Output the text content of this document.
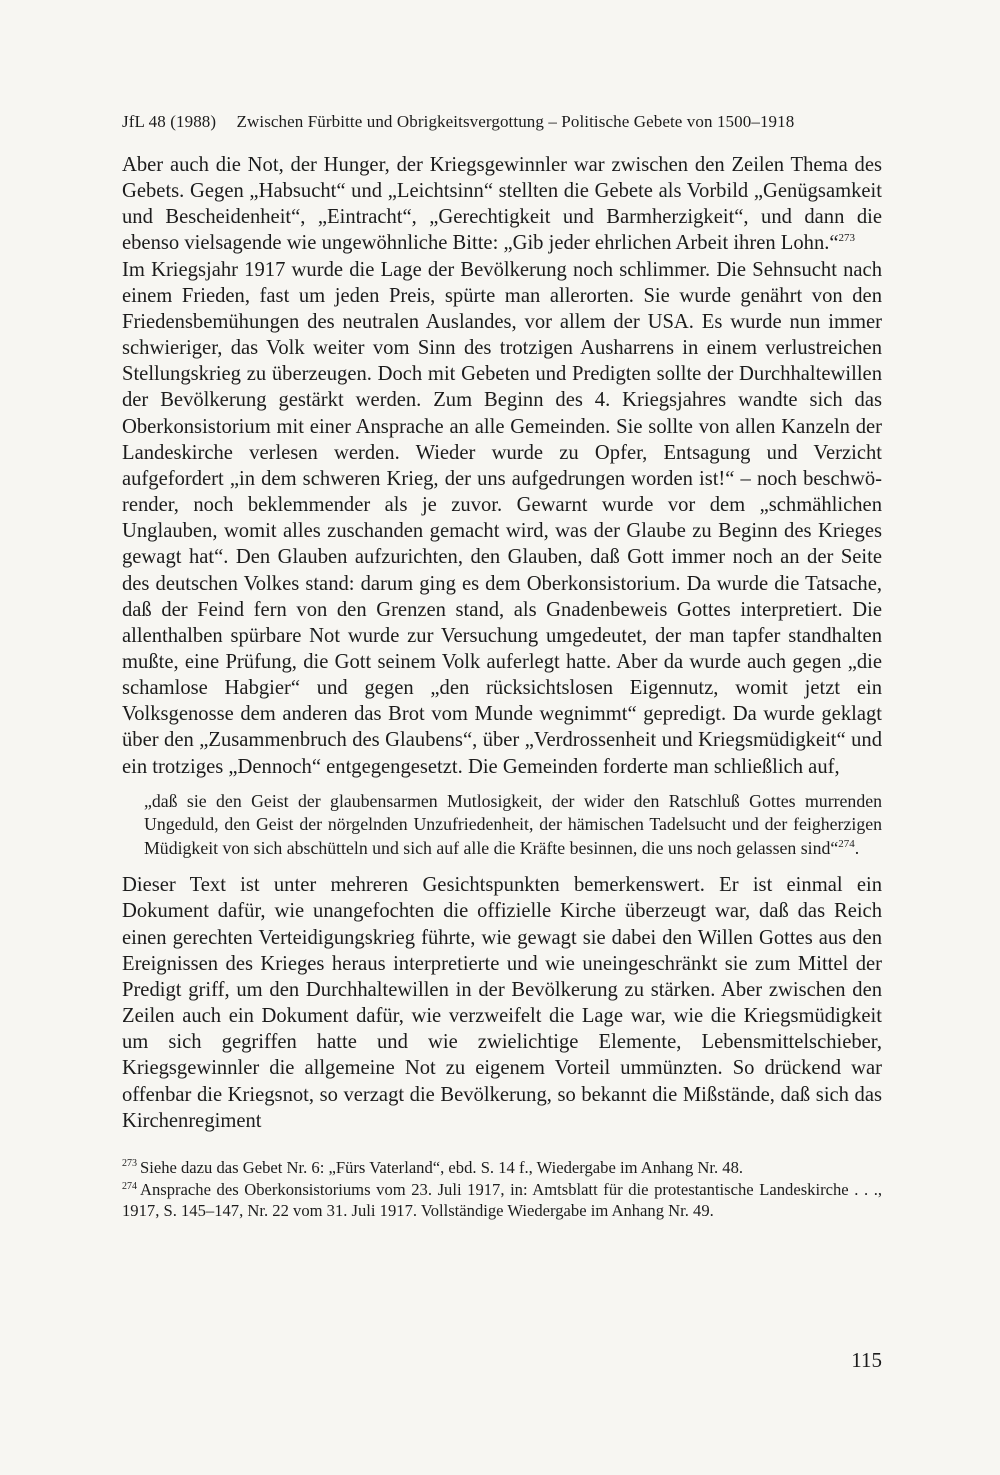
JfL 48 (1988) Zwischen Fürbitte und Obrigkeitsvergottung – Politische Gebete von 1500–1918

Aber auch die Not, der Hunger, der Kriegsgewinnler war zwischen den Zeilen Thema des Gebets. Gegen „Habsucht“ und „Leichtsinn“ stellten die Gebete als Vorbild „Genügsamkeit und Bescheidenheit“, „Eintracht“, „Gerechtigkeit und Barmherzigkeit“, und dann die ebenso vielsagende wie ungewöhnliche Bitte: „Gib jeder ehrlichen Arbeit ihren Lohn.“$^{273}$

Im Kriegsjahr 1917 wurde die Lage der Bevölkerung noch schlimmer. Die Sehnsucht nach einem Frieden, fast um jeden Preis, spürte man allerorten. Sie wurde genährt von den Friedensbemühungen des neutralen Auslandes, vor allem der USA. Es wurde nun immer schwieriger, das Volk weiter vom Sinn des trotzigen Ausharrens in einem verlustreichen Stellungskrieg zu überzeugen. Doch mit Gebeten und Predigten sollte der Durchhaltewillen der Bevölkerung gestärkt werden. Zum Beginn des 4. Kriegsjahres wandte sich das Oberkonsistorium mit einer Ansprache an alle Gemeinden. Sie sollte von allen Kanzeln der Landeskirche verlesen werden. Wieder wurde zu Opfer, Entsagung und Verzicht aufgefordert „in dem schweren Krieg, der uns aufgedrungen worden ist!“ – noch beschwörender, noch beklemmender als je zuvor. Gewarnt wurde vor dem „schmählichen Unglauben, womit alles zuschanden gemacht wird, was der Glaube zu Beginn des Krieges gewagt hat“. Den Glauben aufzurichten, den Glauben, daß Gott immer noch an der Seite des deutschen Volkes stand: darum ging es dem Oberkonsistorium. Da wurde die Tatsache, daß der Feind fern von den Grenzen stand, als Gnadenbeweis Gottes interpretiert. Die allenthalben spürbare Not wurde zur Versuchung umgedeutet, der man tapfer standhalten mußte, eine Prüfung, die Gott seinem Volk auferlegt hatte. Aber da wurde auch gegen „die schamlose Habgier“ und gegen „den rücksichtslosen Eigennutz, womit jetzt ein Volksgenosse dem anderen das Brot vom Munde wegnimmt“ gepredigt. Da wurde geklagt über den „Zusammenbruch des Glaubens“, über „Verdrossenheit und Kriegsmüdigkeit“ und ein trotziges „Dennoch“ entgegengesetzt. Die Gemeinden forderte man schließlich auf,

„daß sie den Geist der glaubensarmen Mutlosigkeit, der wider den Ratschluß Gottes murrenden Ungeduld, den Geist der nörgelnden Unzufriedenheit, der hämischen Tadelsucht und der feigherzigen Müdigkeit von sich abschütteln und sich auf alle die Kräfte besinnen, die uns noch gelassen sind“$^{274}$.

Dieser Text ist unter mehreren Gesichtspunkten bemerkenswert. Er ist einmal ein Dokument dafür, wie unangefochten die offizielle Kirche überzeugt war, daß das Reich einen gerechten Verteidigungskrieg führte, wie gewagt sie dabei den Willen Gottes aus den Ereignissen des Krieges heraus interpretierte und wie uneingeschränkt sie zum Mittel der Predigt griff, um den Durchhaltewillen in der Bevölkerung zu stärken. Aber zwischen den Zeilen auch ein Dokument dafür, wie verzweifelt die Lage war, wie die Kriegsmüdigkeit um sich gegriffen hatte und wie zwielichtige Elemente, Lebensmittelschieber, Kriegsgewinnler die allgemeine Not zu eigenem Vorteil ummünzten. So drückend war offenbar die Kriegsnot, so verzagt die Bevölkerung, so bekannt die Mißstände, daß sich das Kirchenregiment

$^{273}$ Siehe dazu das Gebet Nr. 6: „Fürs Vaterland“, ebd. S. 14 f., Wiedergabe im Anhang Nr. 48.

$^{274}$ Ansprache des Oberkonsistoriums vom 23. Juli 1917, in: Amtsblatt für die protestantische Landeskirche . . ., 1917, S. 145–147, Nr. 22 vom 31. Juli 1917. Vollständige Wiedergabe im Anhang Nr. 49.

115
